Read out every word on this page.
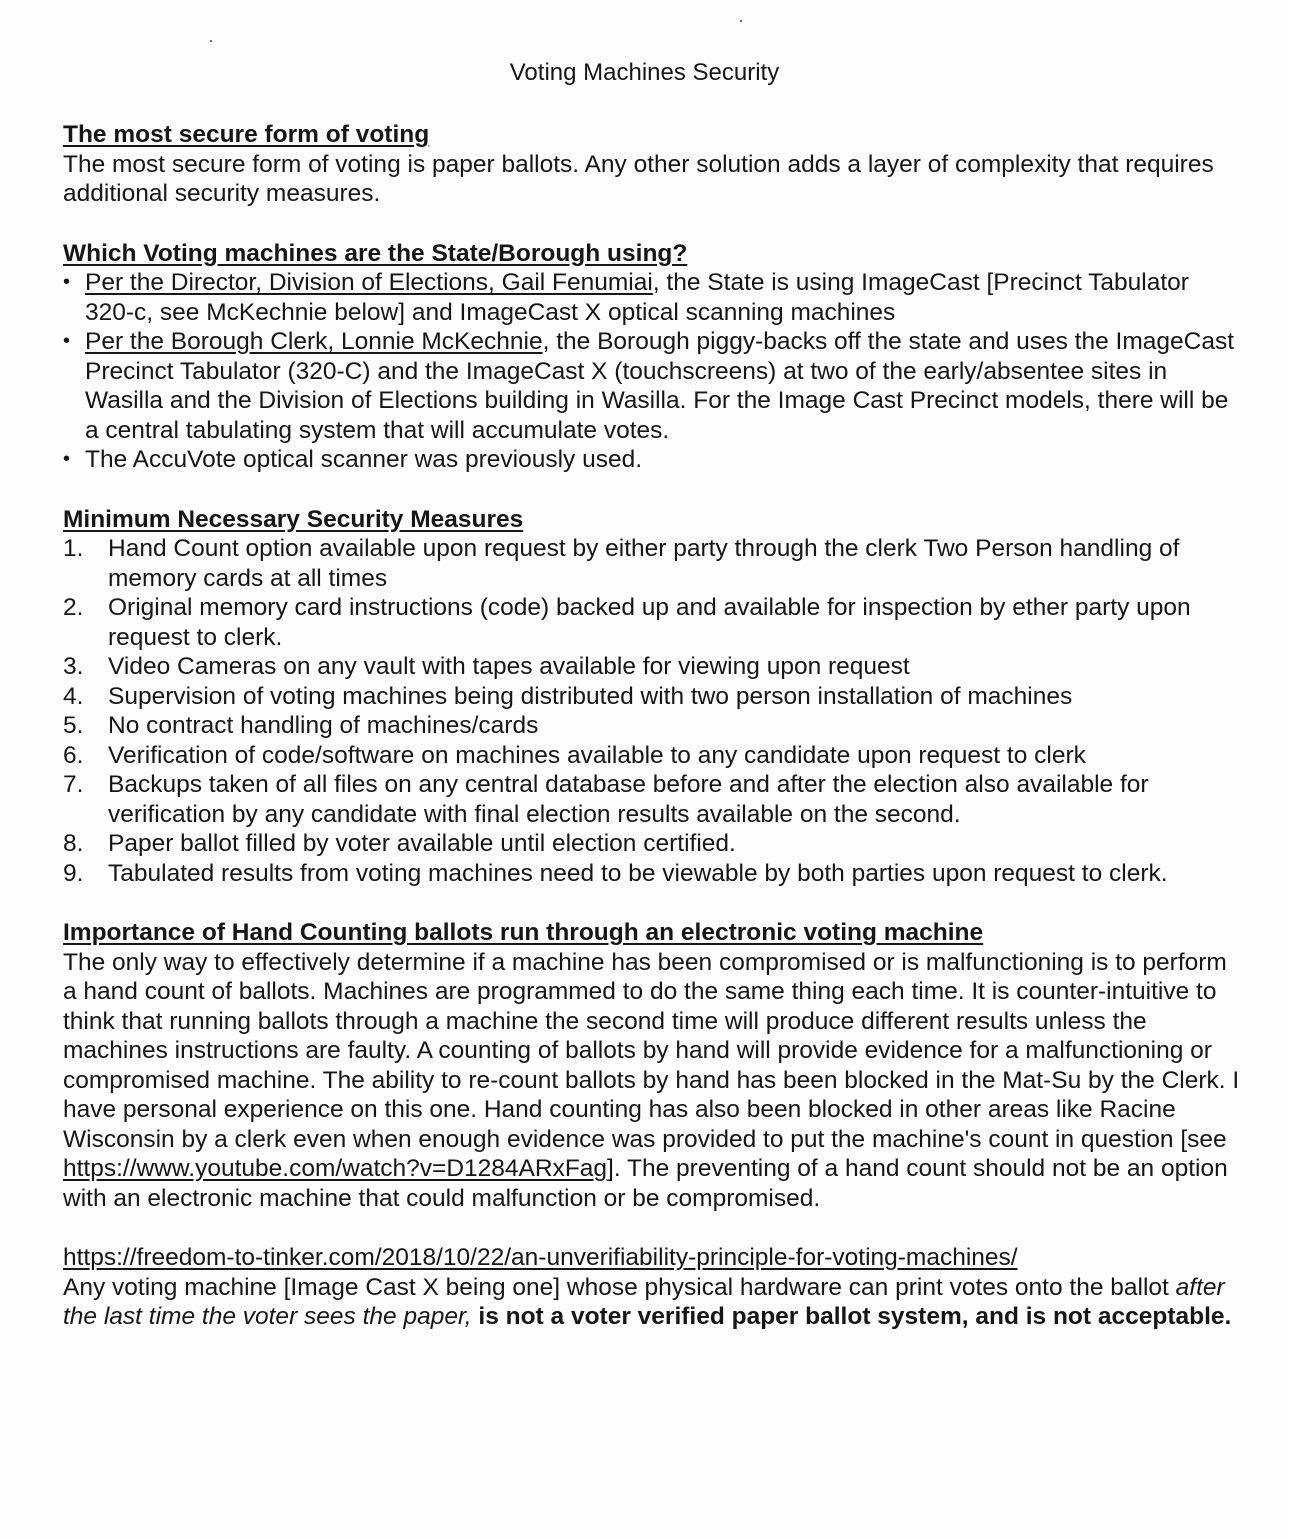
Voting Machines Security

The most secure form of voting

The most secure form of voting is paper ballots. Any other solution adds a layer of complexity that requires additional security measures.

Which Voting machines are the State/Borough using?

• Per the Director, Division of Elections, Gail Fenumiai, the State is using ImageCast [Precinct Tabulator 320-c, see McKechnie below] and ImageCast X optical scanning machines
• Per the Borough Clerk, Lonnie McKechnie, the Borough piggy-backs off the state and uses the ImageCast Precinct Tabulator (320-C) and the ImageCast X (touchscreens) at two of the early/absentee sites in Wasilla and the Division of Elections building in Wasilla. For the Image Cast Precinct models, there will be a central tabulating system that will accumulate votes.
• The AccuVote optical scanner was previously used.

Minimum Necessary Security Measures

1. Hand Count option available upon request by either party through the clerk Two Person handling of memory cards at all times
2. Original memory card instructions (code) backed up and available for inspection by ether party upon request to clerk.
3. Video Cameras on any vault with tapes available for viewing upon request
4. Supervision of voting machines being distributed with two person installation of machines
5. No contract handling of machines/cards
6. Verification of code/software on machines available to any candidate upon request to clerk
7. Backups taken of all files on any central database before and after the election also available for verification by any candidate with final election results available on the second.
8. Paper ballot filled by voter available until election certified.
9. Tabulated results from voting machines need to be viewable by both parties upon request to clerk.

Importance of Hand Counting ballots run through an electronic voting machine

The only way to effectively determine if a machine has been compromised or is malfunctioning is to perform a hand count of ballots. Machines are programmed to do the same thing each time. It is counter-intuitive to think that running ballots through a machine the second time will produce different results unless the machines instructions are faulty. A counting of ballots by hand will provide evidence for a malfunctioning or compromised machine. The ability to re-count ballots by hand has been blocked in the Mat-Su by the Clerk. I have personal experience on this one. Hand counting has also been blocked in other areas like Racine Wisconsin by a clerk even when enough evidence was provided to put the machine's count in question [see https://www.youtube.com/watch?v=D1284ARxFag]. The preventing of a hand count should not be an option with an electronic machine that could malfunction or be compromised.

https://freedom-to-tinker.com/2018/10/22/an-unverifiability-principle-for-voting-machines/

Any voting machine [Image Cast X being one] whose physical hardware can print votes onto the ballot after the last time the voter sees the paper, is not a voter verified paper ballot system, and is not acceptable.
